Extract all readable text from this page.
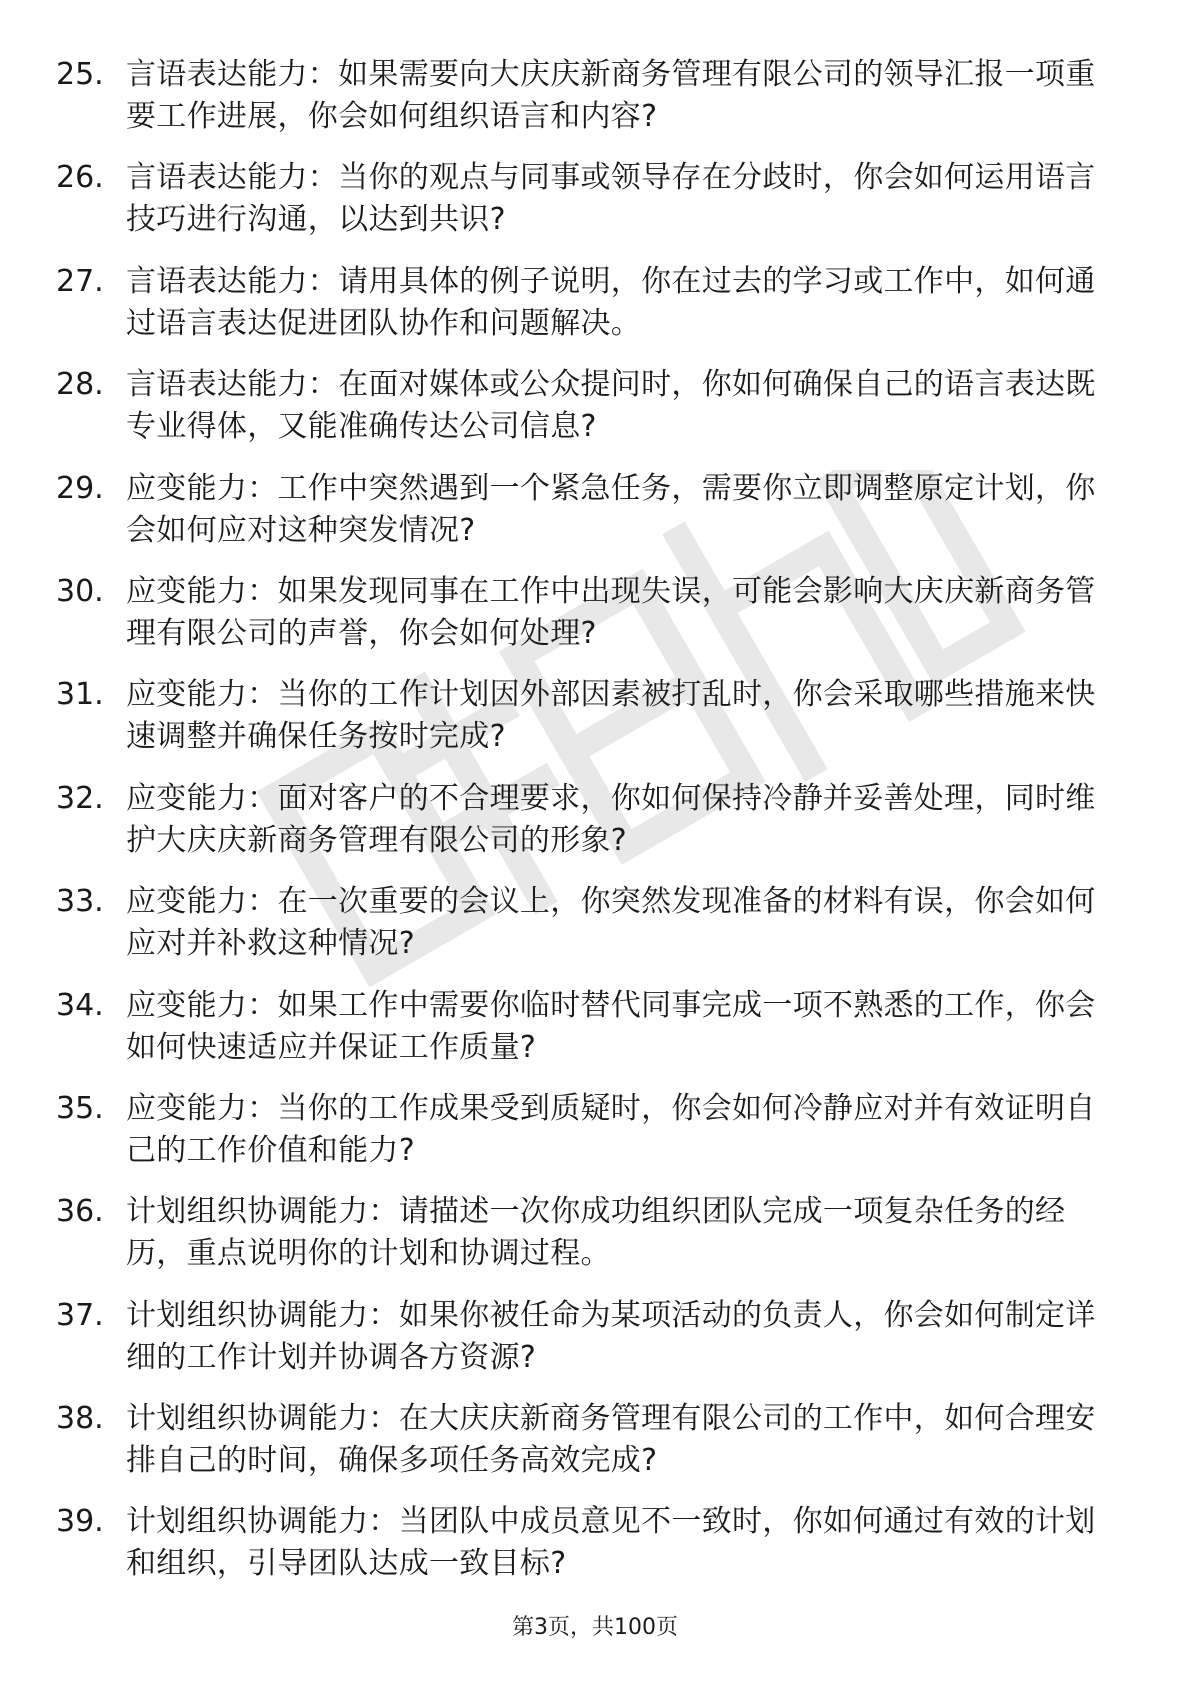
25. 言语表达能力：如果需要向大庆庆新商务管理有限公司的领导汇报一项重要工作进展，你会如何组织语言和内容?
26. 言语表达能力：当你的观点与同事或领导存在分歧时，你会如何运用语言技巧进行沟通，以达到共识?
27. 言语表达能力：请用具体的例子说明，你在过去的学习或工作中，如何通过语言表达促进团队协作和问题解决。
28. 言语表达能力：在面对媒体或公众提问时，你如何确保自己的语言表达既专业得体，又能准确传达公司信息?
29. 应变能力：工作中突然遇到一个紧急任务，需要你立即调整原定计划，你会如何应对这种突发情况?
30. 应变能力：如果发现同事在工作中出现失误，可能会影响大庆庆新商务管理有限公司的声誉，你会如何处理?
31. 应变能力：当你的工作计划因外部因素被打乱时，你会采取哪些措施来快速调整并确保任务按时完成?
32. 应变能力：面对客户的不合理要求，你如何保持冷静并妥善处理，同时维护大庆庆新商务管理有限公司的形象?
33. 应变能力：在一次重要的会议上，你突然发现准备的材料有误，你会如何应对并补救这种情况?
34. 应变能力：如果工作中需要你临时替代同事完成一项不熟悉的工作，你会如何快速适应并保证工作质量?
35. 应变能力：当你的工作成果受到质疑时，你会如何冷静应对并有效证明自己的工作价值和能力?
36. 计划组织协调能力：请描述一次你成功组织团队完成一项复杂任务的经历，重点说明你的计划和协调过程。
37. 计划组织协调能力：如果你被任命为某项活动的负责人，你会如何制定详细的工作计划并协调各方资源?
38. 计划组织协调能力：在大庆庆新商务管理有限公司的工作中，如何合理安排自己的时间，确保多项任务高效完成?
39. 计划组织协调能力：当团队中成员意见不一致时，你如何通过有效的计划和组织，引导团队达成一致目标?
第3页，共100页
